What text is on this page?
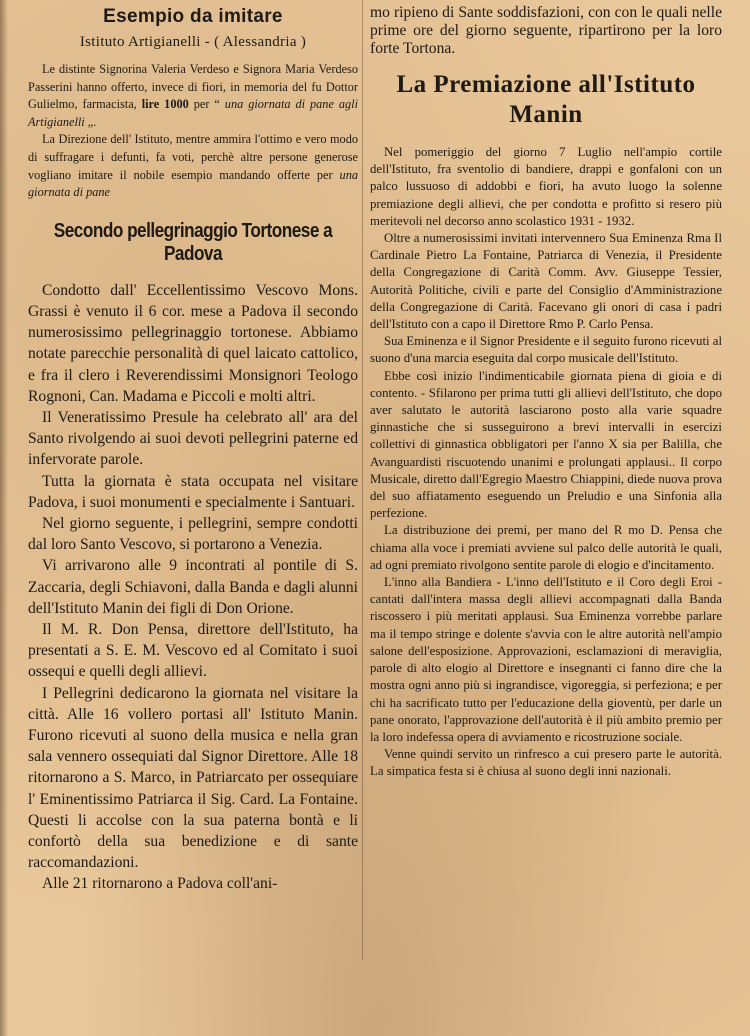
Esempio da imitare
Istituto Artigianelli - ( Alessandria )

Le distinte Signorina Valeria Verdeso e Signora Maria Verdeso Passerini hanno offerto, invece di fiori, in memoria del fu Dottor Gulielmo, farmacista, lire 1000 per “ una giornata di pane agli Artigianelli „.

La Direzione dell' Istituto, mentre ammira l'ottimo e vero modo di suffragare i defunti, fa voti, perchè altre persone generose vogliano imitare il nobile esempio mandando offerte per una giornata di pane

Secondo pellegrinaggio Tortonese a Padova

Condotto dall' Eccellentissimo Vescovo Mons. Grassi è venuto il 6 cor. mese a Padova il secondo numerosissimo pellegrinaggio tortonese. Abbiamo notate parecchie personalità di quel laicato cattolico, e fra il clero i Reverendissimi Monsignori Teologo Rognoni, Can. Madama e Piccoli e molti altri.

Il Veneratissimo Presule ha celebrato all' ara del Santo rivolgendo ai suoi devoti pellegrini paterne ed infervorate parole.

Tutta la giornata è stata occupata nel visitare Padova, i suoi monumenti e specialmente i Santuari.

Nel giorno seguente, i pellegrini, sempre condotti dal loro Santo Vescovo, si portarono a Venezia.

Vi arrivarono alle 9 incontrati al pontile di S. Zaccaria, degli Schiavoni, dalla Banda e dagli alunni dell'Istituto Manin dei figli di Don Orione.

Il M. R. Don Pensa, direttore dell'Istituto, ha presentati a S. E. M. Vescovo ed al Comitato i suoi ossequi e quelli degli allievi.

I Pellegrini dedicarono la giornata nel visitare la città. Alle 16 vollero portasi all' Istituto Manin. Furono ricevuti al suono della musica e nella gran sala vennero ossequiati dal Signor Direttore. Alle 18 ritornarono a S. Marco, in Patriarcato per ossequiare l' Eminentissimo Patriarca il Sig. Card. La Fontaine. Questi li accolse con la sua paterna bontà e li confortò della sua benedizione e di sante raccomandazioni.

Alle 21 ritornarono a Padova coll'ani-

mo ripieno di Sante soddisfazioni, con con le quali nelle prime ore del giorno seguente, ripartirono per la loro forte Tortona.
La Premiazione all'Istituto Manin

Nel pomeriggio del giorno 7 Luglio nell'ampio cortile dell'Istituto, fra sventolio di bandiere, drappi e gonfaloni con un palco lussuoso di addobbi e fiori, ha avuto luogo la solenne premiazione degli allievi, che per condotta e profitto si resero più meritevoli nel decorso anno scolastico 1931 - 1932.

Oltre a numerosissimi invitati intervennero Sua Eminenza Rma Il Cardinale Pietro La Fontaine, Patriarca di Venezia, il Presidente della Congregazione di Carità Comm. Avv. Giuseppe Tessier, Autorità Politiche, civili e parte del Consiglio d'Amministrazione della Congregazione di Carità. Facevano gli onori di casa i padri dell'Istituto con a capo il Direttore Rmo P. Carlo Pensa.

Sua Eminenza e il Signor Presidente e il seguito furono ricevuti al suono d'una marcia eseguita dal corpo musicale dell'Istituto.

Ebbe così inizio l'indimenticabile giornata piena di gioia e di contento. - Sfilarono per prima tutti gli allievi dell'Istituto, che dopo aver salutato le autorità lasciarono posto alla varie squadre ginnastiche che si susseguirono a brevi intervalli in esercizi collettivi di ginnastica obbligatori per l'anno X sia per Balilla, che Avanguardisti riscuotendo unanimi e prolungati applausi.. Il corpo Musicale, diretto dall'Egregio Maestro Chiappini, diede nuova prova del suo affiatamento eseguendo un Preludio e una Sinfonia alla perfezione.

La distribuzione dei premi, per mano del R mo D. Pensa che chiama alla voce i premiati avviene sul palco delle autorità le quali, ad ogni premiato rivolgono sentite parole di elogio e d'incitamento.

L'inno alla Bandiera - L'inno dell'Istituto e il Coro degli Eroi - cantati dall'intera massa degli allievi accompagnati dalla Banda riscossero i più meritati applausi. Sua Eminenza vorrebbe parlare ma il tempo stringe e dolente s'avvia con le altre autorità nell'ampio salone dell'esposizione. Approvazioni, esclamazioni di meraviglia, parole di alto elogio al Direttore e insegnanti ci fanno dire che la mostra ogni anno più si ingrandisce, vigoreggia, si perfeziona; e per chi ha sacrificato tutto per l'educazione della gioventù, per darle un pane onorato, l'approvazione dell'autorità è il più ambito premio per la loro indefessa opera di avviamento e ricostruzione sociale.

Venne quindi servito un rinfresco a cui presero parte le autorità. La simpatica festa si è chiusa al suono degli inni nazionali.
